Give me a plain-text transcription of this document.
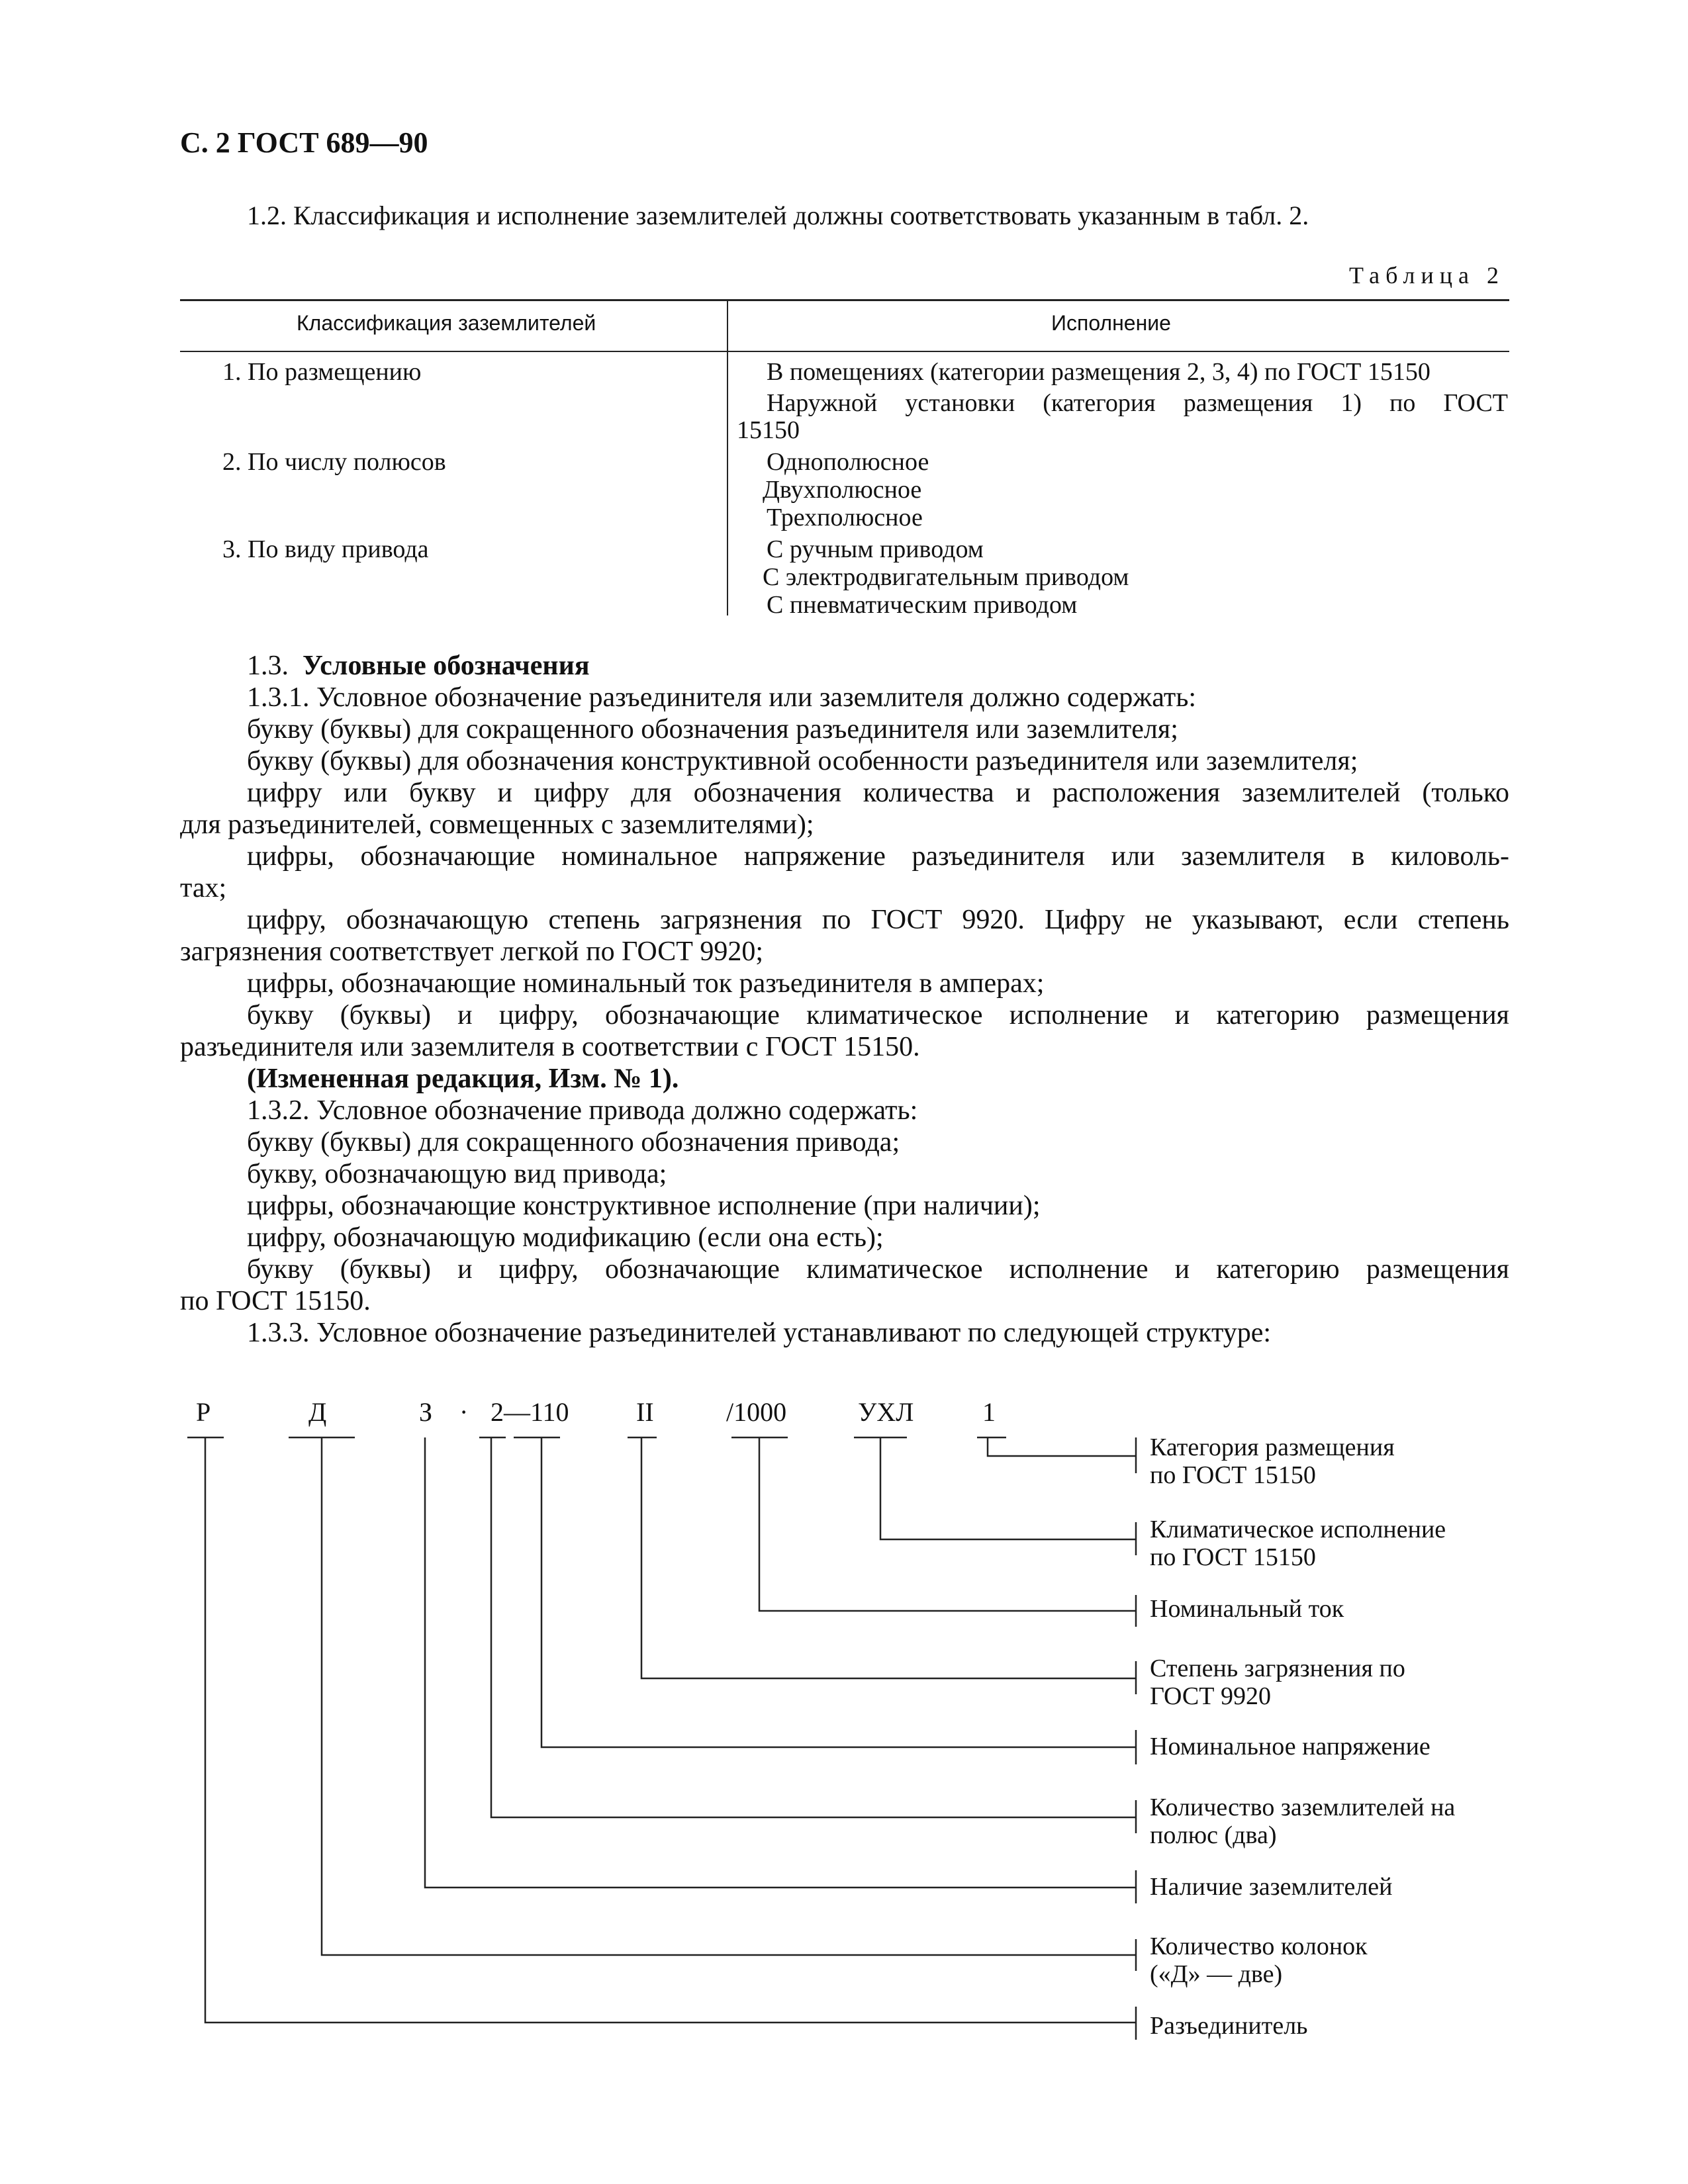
С. 2 ГОСТ 689—90
1.2. Классификация и исполнение заземлителей должны соответствовать указанным в табл. 2.
Таблица 2
Классификация заземлителей	Исполнение
1. По размещению	В помещениях (категории размещения 2, 3, 4) по ГОСТ 15150
Наружной установки (категория размещения 1) по ГОСТ
15150
2. По числу полюсов	Однополюсное
Двухполюсное
Трехполюсное
3. По виду привода	С ручным приводом
С электродвигательным приводом
С пневматическим приводом
1.3. Условные обозначения
1.3.1. Условное обозначение разъединителя или заземлителя должно содержать:
букву (буквы) для сокращенного обозначения разъединителя или заземлителя;
букву (буквы) для обозначения конструктивной особенности разъединителя или заземлителя;
цифру или букву и цифру для обозначения количества и расположения заземлителей (только
для разъединителей, совмещенных с заземлителями);
цифры, обозначающие номинальное напряжение разъединителя или заземлителя в киловоль-
тах;
цифру, обозначающую степень загрязнения по ГОСТ 9920. Цифру не указывают, если степень
загрязнения соответствует легкой по ГОСТ 9920;
цифры, обозначающие номинальный ток разъединителя в амперах;
букву (буквы) и цифру, обозначающие климатическое исполнение и категорию размещения
разъединителя или заземлителя в соответствии с ГОСТ 15150.
(Измененная редакция, Изм. № 1).
1.3.2. Условное обозначение привода должно содержать:
букву (буквы) для сокращенного обозначения привода;
букву, обозначающую вид привода;
цифры, обозначающие конструктивное исполнение (при наличии);
цифру, обозначающую модификацию (если она есть);
букву (буквы) и цифру, обозначающие климатическое исполнение и категорию размещения
по ГОСТ 15150.
1.3.3. Условное обозначение разъединителей устанавливают по следующей структуре:
Р	Д	З · 2—110	II	/1000	УХЛ	1
Категория размещения
по ГОСТ 15150
Климатическое исполнение
по ГОСТ 15150
Номинальный ток
Степень загрязнения по
ГОСТ 9920
Номинальное напряжение
Количество заземлителей на
полюс (два)
Наличие заземлителей
Количество колонок
(«Д» — две)
Разъединитель
